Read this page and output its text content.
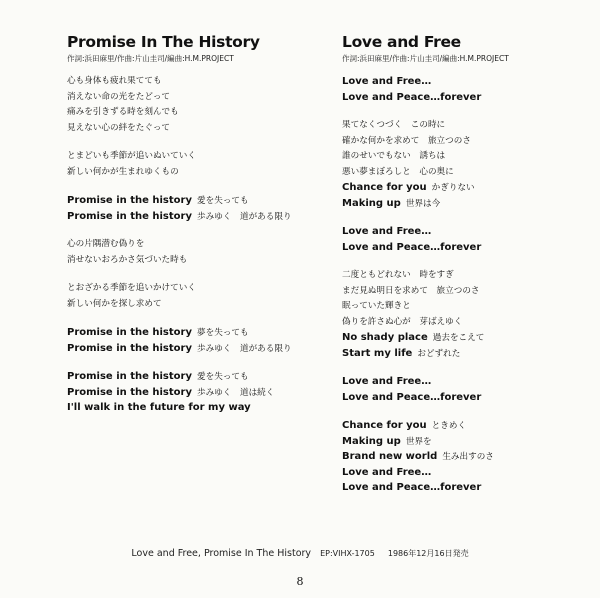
Promise In The History
作詞:浜田麻里/作曲:片山圭司/編曲:H.M.PROJECT
心も身体も疲れ果てても
消えない命の光をたどって
痛みを引きずる時を刻んでも
見えない心の絆をたぐって
とまどいも季節が追いぬいていく
新しい何かが生まれゆくもの
Promise in the history 愛を失っても
Promise in the history 歩みゆく　道がある限り
心の片隅潜む偽りを
消せないおろかさ気づいた時も
とおざかる季節を追いかけていく
新しい何かを探し求めて
Promise in the history 夢を失っても
Promise in the history 歩みゆく　道がある限り
Promise in the history 愛を失っても
Promise in the history 歩みゆく　道は続く
I'll walk in the future for my way
Love and Free
作詞:浜田麻里/作曲:片山圭司/編曲:H.M.PROJECT
Love and Free…
Love and Peace…forever
果てなくつづく　この時に
確かな何かを求めて　旅立つのさ
誰のせいでもない　誘ちは
悪い夢まぼろしと　心の奥に
Chance for you かぎりない
Making up 世界は今
Love and Free…
Love and Peace…forever
二度ともどれない　時をすぎ
まだ見ぬ明日を求めて　旅立つのさ
眠っていた輝きと
偽りを許さぬ心が　芽ばえゆく
No shady place 過去をこえて
Start my life おどずれた
Love and Free…
Love and Peace…forever
Chance for you ときめく
Making up 世界を
Brand new world 生み出すのさ
Love and Free…
Love and Peace…forever
Love and Free, Promise In The History EP:VIHX-1705 1986年12月16日発売
8
